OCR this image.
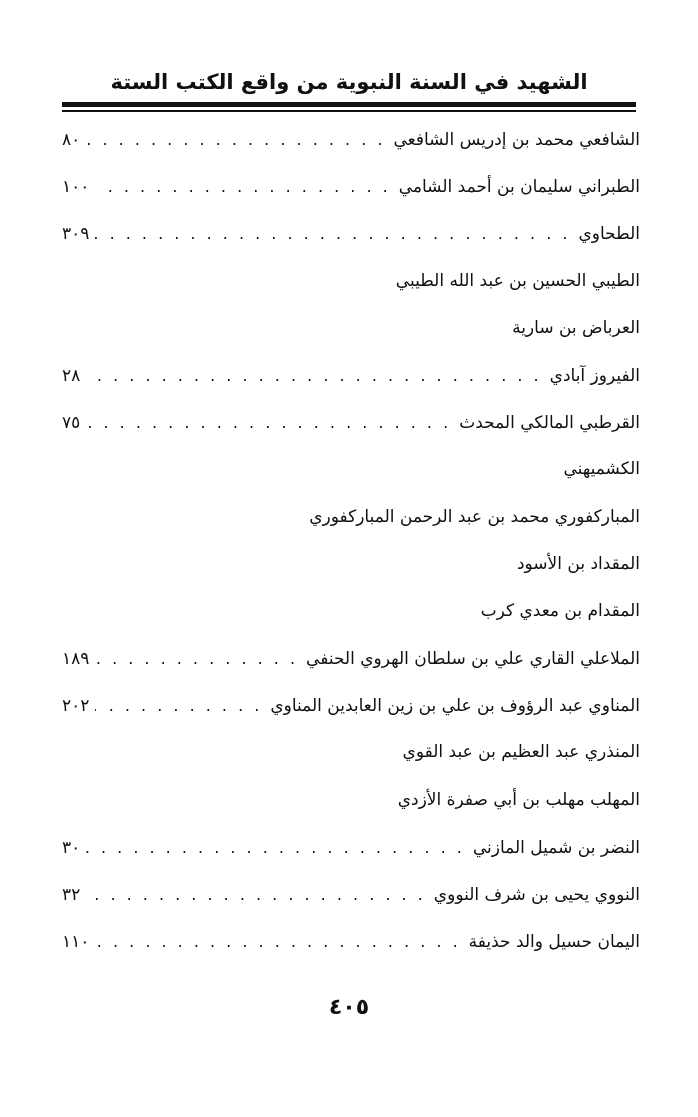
الشهيد في السنة النبوية من واقع الكتب الستة
الشافعي محمد بن إدريس الشافعي
. . .
٨٠
الطبراني سليمان بن أحمد الشامي
. . .
١٠٠
الطحاوي
. . .
٣٠٩
الطيبي الحسين بن عبد الله الطيبي
العرباض بن سارية
الفيروز آبادي
. . .
٢٨
القرطبي المالكي المحدث
. . .
٧٥
الكشميهني
المباركفوري محمد بن عبد الرحمن المباركفوري
المقداد بن الأسود
المقدام بن معدي كرب
الملاعلي القاري علي بن سلطان الهروي الحنفي
. . .
١٨٩
المناوي عبد الرؤوف بن علي بن زين العابدين المناوي
. . .
٢٠٢
المنذري عبد العظيم بن عبد القوي
المهلب مهلب بن أبي صفرة الأزدي
النضر بن شميل المازني
. . .
٣٠
النووي يحيى بن شرف النووي
. . .
٣٢
اليمان حسيل والد حذيفة
. . .
١١٠
٤٠٥
